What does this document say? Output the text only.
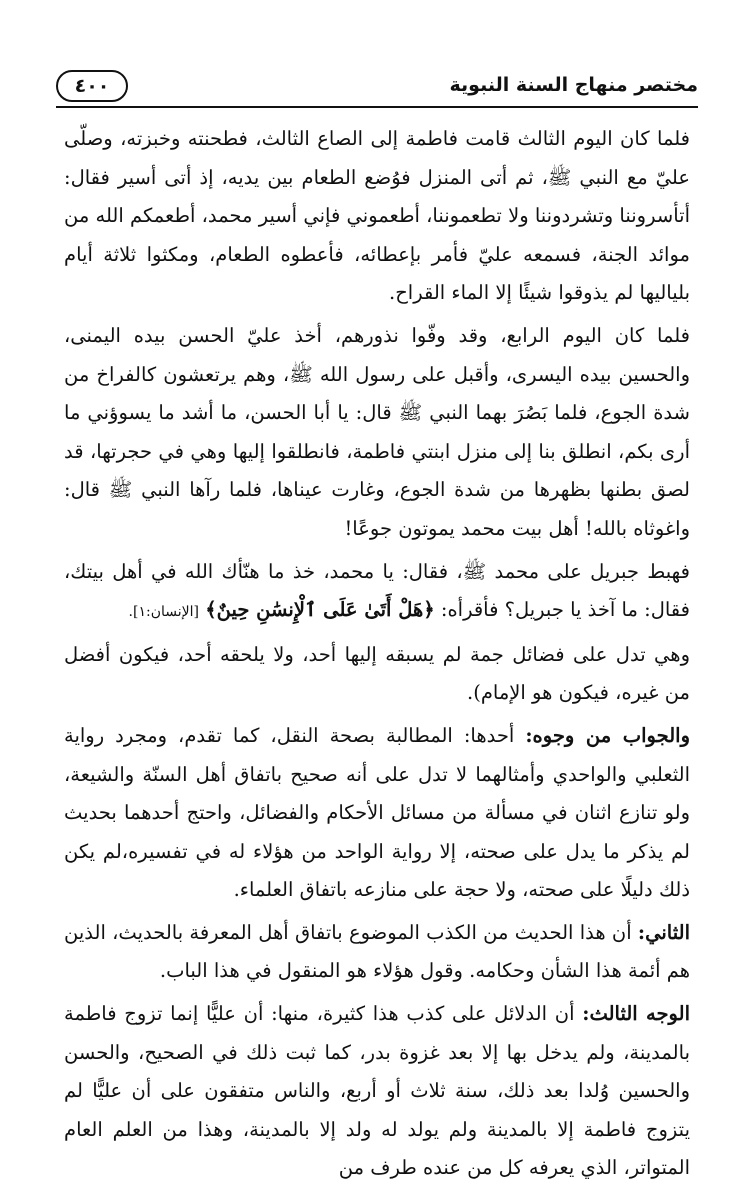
مختصر منهاج السنة النبوية
٤٠٠

فلما كان اليوم الثالث قامت فاطمة إلى الصاع الثالث، فطحنته وخبزته، وصلّى عليّ مع النبي ﷺ، ثم أتى المنزل فوُضع الطعام بين يديه، إذ أتى أسير فقال: أتأسروننا وتشردوننا ولا تطعموننا، أطعموني فإني أسير محمد، أطعمكم الله من موائد الجنة، فسمعه عليّ فأمر بإعطائه، فأعطوه الطعام، ومكثوا ثلاثة أيام بلياليها لم يذوقوا شيئًا إلا الماء القراح.

فلما كان اليوم الرابع، وقد وفّوا نذورهم، أخذ عليّ الحسن بيده اليمنى، والحسين بيده اليسرى، وأقبل على رسول الله ﷺ، وهم يرتعشون كالفراخ من شدة الجوع، فلما بَصُرَ بهما النبي ﷺ قال: يا أبا الحسن، ما أشد ما يسوؤني ما أرى بكم، انطلق بنا إلى منزل ابنتي فاطمة، فانطلقوا إليها وهي في حجرتها، قد لصق بطنها بظهرها من شدة الجوع، وغارت عيناها، فلما رآها النبي ﷺ قال: واغوثاه بالله! أهل بيت محمد يموتون جوعًا!

فهبط جبريل على محمد ﷺ، فقال: يا محمد، خذ ما هنّأك الله في أهل بيتك، فقال: ما آخذ يا جبريل؟ فأقرأه: ﴿هَلْ أَتَىٰ عَلَى ٱلْإِنسَٰنِ حِينٌ﴾ [الإنسان:١].

وهي تدل على فضائل جمة لم يسبقه إليها أحد، ولا يلحقه أحد، فيكون أفضل من غيره، فيكون هو الإمام).

والجواب من وجوه: أحدها: المطالبة بصحة النقل، كما تقدم، ومجرد رواية الثعلبي والواحدي وأمثالهما لا تدل على أنه صحيح باتفاق أهل السنّة والشيعة، ولو تنازع اثنان في مسألة من مسائل الأحكام والفضائل، واحتج أحدهما بحديث لم يذكر ما يدل على صحته، إلا رواية الواحد من هؤلاء له في تفسيره،لم يكن ذلك دليلًا على صحته، ولا حجة على منازعه باتفاق العلماء.

الثاني: أن هذا الحديث من الكذب الموضوع باتفاق أهل المعرفة بالحديث، الذين هم أئمة هذا الشأن وحكامه. وقول هؤلاء هو المنقول في هذا الباب.

الوجه الثالث: أن الدلائل على كذب هذا كثيرة، منها: أن عليًّا إنما تزوج فاطمة بالمدينة، ولم يدخل بها إلا بعد غزوة بدر، كما ثبت ذلك في الصحيح، والحسن والحسين وُلدا بعد ذلك، سنة ثلاث أو أربع، والناس متفقون على أن عليًّا لم يتزوج فاطمة إلا بالمدينة ولم يولد له ولد إلا بالمدينة، وهذا من العلم العام المتواتر، الذي يعرفه كل من عنده طرف من
